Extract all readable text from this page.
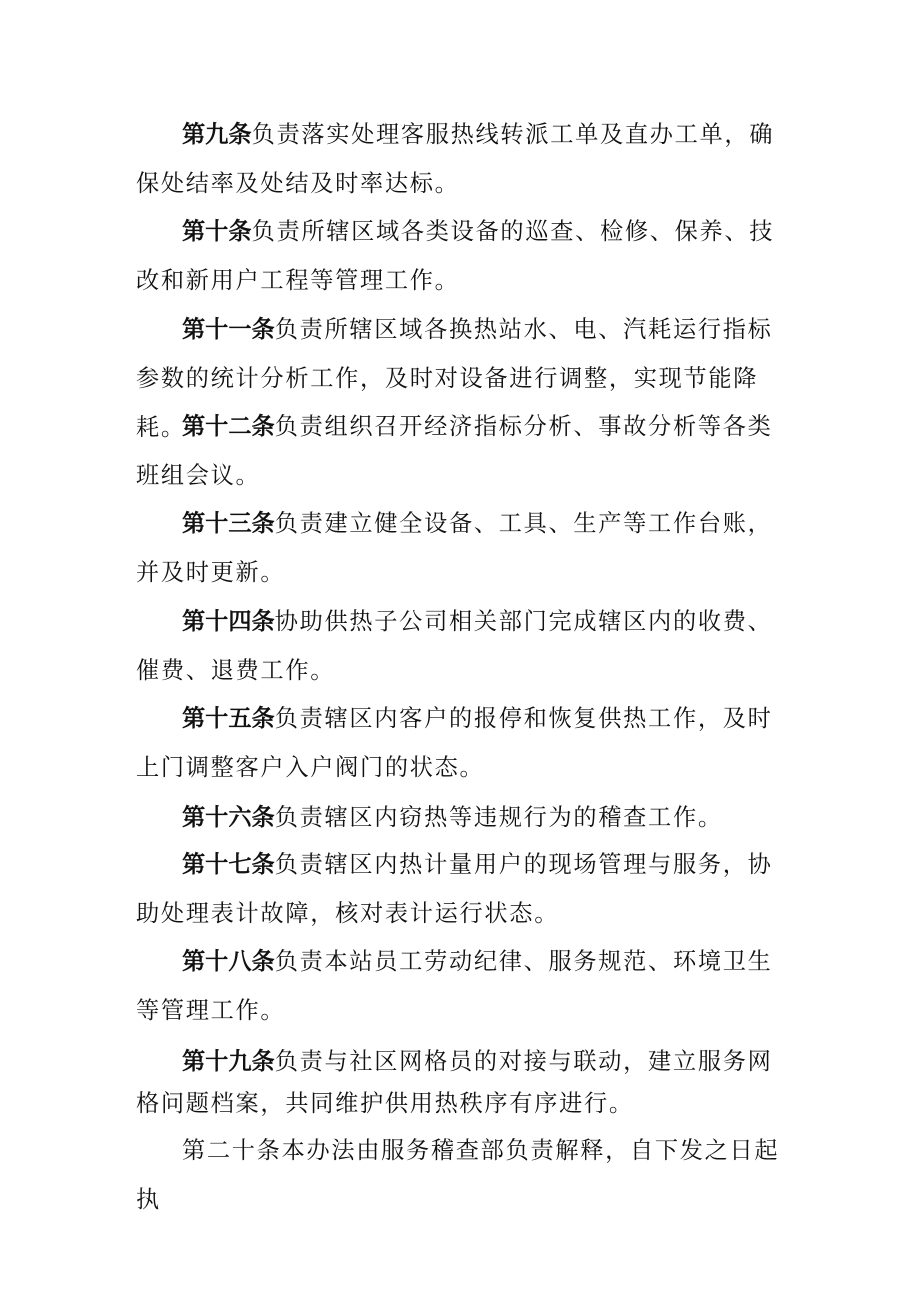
第九条负责落实处理客服热线转派工单及直办工单，确保处结率及处结及时率达标。

第十条负责所辖区域各类设备的巡查、检修、保养、技改和新用户工程等管理工作。

第十一条负责所辖区域各换热站水、电、汽耗运行指标参数的统计分析工作，及时对设备进行调整，实现节能降耗。

第十二条负责组织召开经济指标分析、事故分析等各类班组会议。

第十三条负责建立健全设备、工具、生产等工作台账，并及时更新。

第十四条协助供热子公司相关部门完成辖区内的收费、催费、退费工作。

第十五条负责辖区内客户的报停和恢复供热工作，及时上门调整客户入户阀门的状态。

第十六条负责辖区内窃热等违规行为的稽查工作。

第十七条负责辖区内热计量用户的现场管理与服务，协助处理表计故障，核对表计运行状态。

第十八条负责本站员工劳动纪律、服务规范、环境卫生等管理工作。

第十九条负责与社区网格员的对接与联动，建立服务网格问题档案，共同维护供用热秩序有序进行。

第二十条本办法由服务稽查部负责解释，自下发之日起执
